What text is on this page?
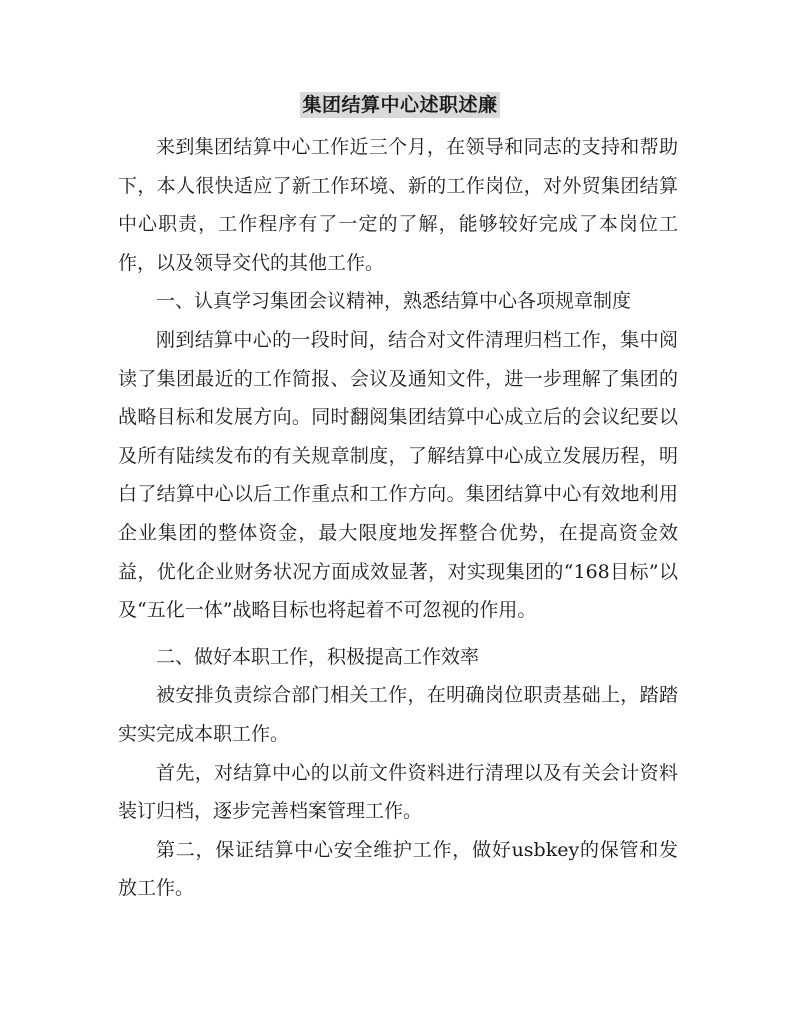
集团结算中心述职述廉

来到集团结算中心工作近三个月，在领导和同志的支持和帮助下，本人很快适应了新工作环境、新的工作岗位，对外贸集团结算中心职责，工作程序有了一定的了解，能够较好完成了本岗位工作，以及领导交代的其他工作。

一、认真学习集团会议精神，熟悉结算中心各项规章制度

刚到结算中心的一段时间，结合对文件清理归档工作，集中阅读了集团最近的工作简报、会议及通知文件，进一步理解了集团的战略目标和发展方向。同时翻阅集团结算中心成立后的会议纪要以及所有陆续发布的有关规章制度，了解结算中心成立发展历程，明白了结算中心以后工作重点和工作方向。集团结算中心有效地利用企业集团的整体资金，最大限度地发挥整合优势，在提高资金效益，优化企业财务状况方面成效显著，对实现集团的“168目标”以及“五化一体”战略目标也将起着不可忽视的作用。

二、做好本职工作，积极提高工作效率

被安排负责综合部门相关工作，在明确岗位职责基础上，踏踏实实完成本职工作。

首先，对结算中心的以前文件资料进行清理以及有关会计资料装订归档，逐步完善档案管理工作。

第二，保证结算中心安全维护工作，做好usbkey的保管和发放工作。
